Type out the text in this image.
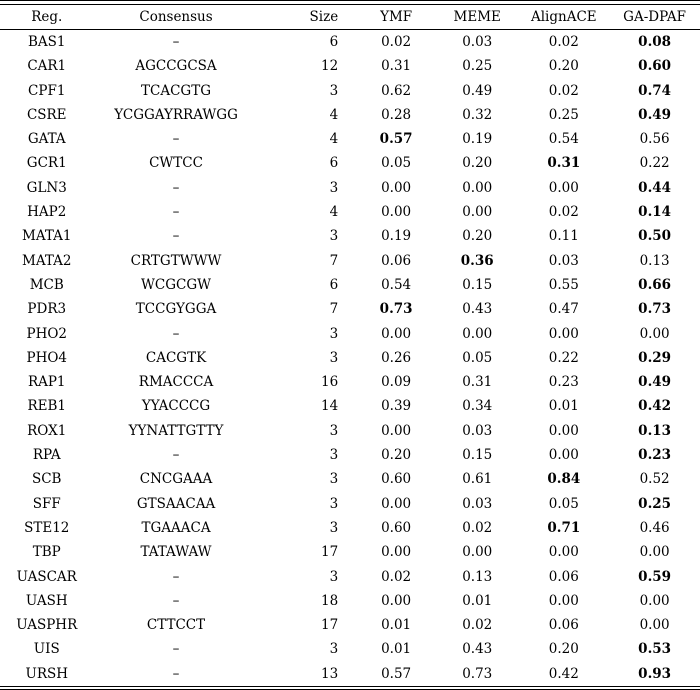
Reg.	Consensus	Size	YMF	MEME	AlignACE	GA-DPAF
BAS1	–	6	0.02	0.03	0.02	0.08
CAR1	AGCCGCSA	12	0.31	0.25	0.20	0.60
CPF1	TCACGTG	3	0.62	0.49	0.02	0.74
CSRE	YCGGAYRRAWGG	4	0.28	0.32	0.25	0.49
GATA	–	4	0.57	0.19	0.54	0.56
GCR1	CWTCC	6	0.05	0.20	0.31	0.22
GLN3	–	3	0.00	0.00	0.00	0.44
HAP2	–	4	0.00	0.00	0.02	0.14
MATA1	–	3	0.19	0.20	0.11	0.50
MATA2	CRTGTWWW	7	0.06	0.36	0.03	0.13
MCB	WCGCGW	6	0.54	0.15	0.55	0.66
PDR3	TCCGYGGA	7	0.73	0.43	0.47	0.73
PHO2	–	3	0.00	0.00	0.00	0.00
PHO4	CACGTK	3	0.26	0.05	0.22	0.29
RAP1	RMACCCA	16	0.09	0.31	0.23	0.49
REB1	YYACCCG	14	0.39	0.34	0.01	0.42
ROX1	YYNATTGTTY	3	0.00	0.03	0.00	0.13
RPA	–	3	0.20	0.15	0.00	0.23
SCB	CNCGAAA	3	0.60	0.61	0.84	0.52
SFF	GTSAACAA	3	0.00	0.03	0.05	0.25
STE12	TGAAACA	3	0.60	0.02	0.71	0.46
TBP	TATAWAW	17	0.00	0.00	0.00	0.00
UASCAR	–	3	0.02	0.13	0.06	0.59
UASH	–	18	0.00	0.01	0.00	0.00
UASPHR	CTTCCT	17	0.01	0.02	0.06	0.00
UIS	–	3	0.01	0.43	0.20	0.53
URSH	–	13	0.57	0.73	0.42	0.93
